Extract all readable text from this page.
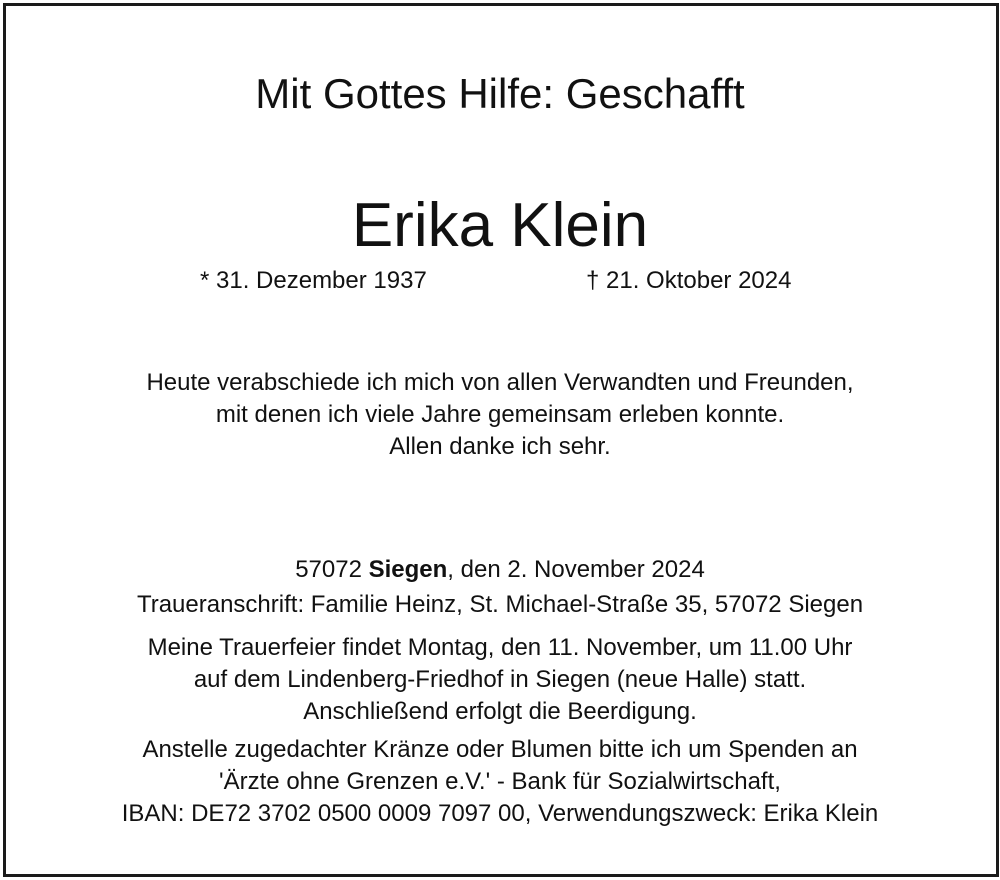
Mit Gottes Hilfe: Geschafft
Erika Klein
* 31. Dezember 1937	† 21. Oktober 2024
Heute verabschiede ich mich von allen Verwandten und Freunden,
mit denen ich viele Jahre gemeinsam erleben konnte.
Allen danke ich sehr.
57072 Siegen, den 2. November 2024
Traueranschrift: Familie Heinz, St. Michael-Straße 35, 57072 Siegen
Meine Trauerfeier findet Montag, den 11. November, um 11.00 Uhr
auf dem Lindenberg-Friedhof in Siegen (neue Halle) statt.
Anschließend erfolgt die Beerdigung.
Anstelle zugedachter Kränze oder Blumen bitte ich um Spenden an
'Ärzte ohne Grenzen e.V.' - Bank für Sozialwirtschaft,
IBAN: DE72 3702 0500 0009 7097 00, Verwendungszweck: Erika Klein
